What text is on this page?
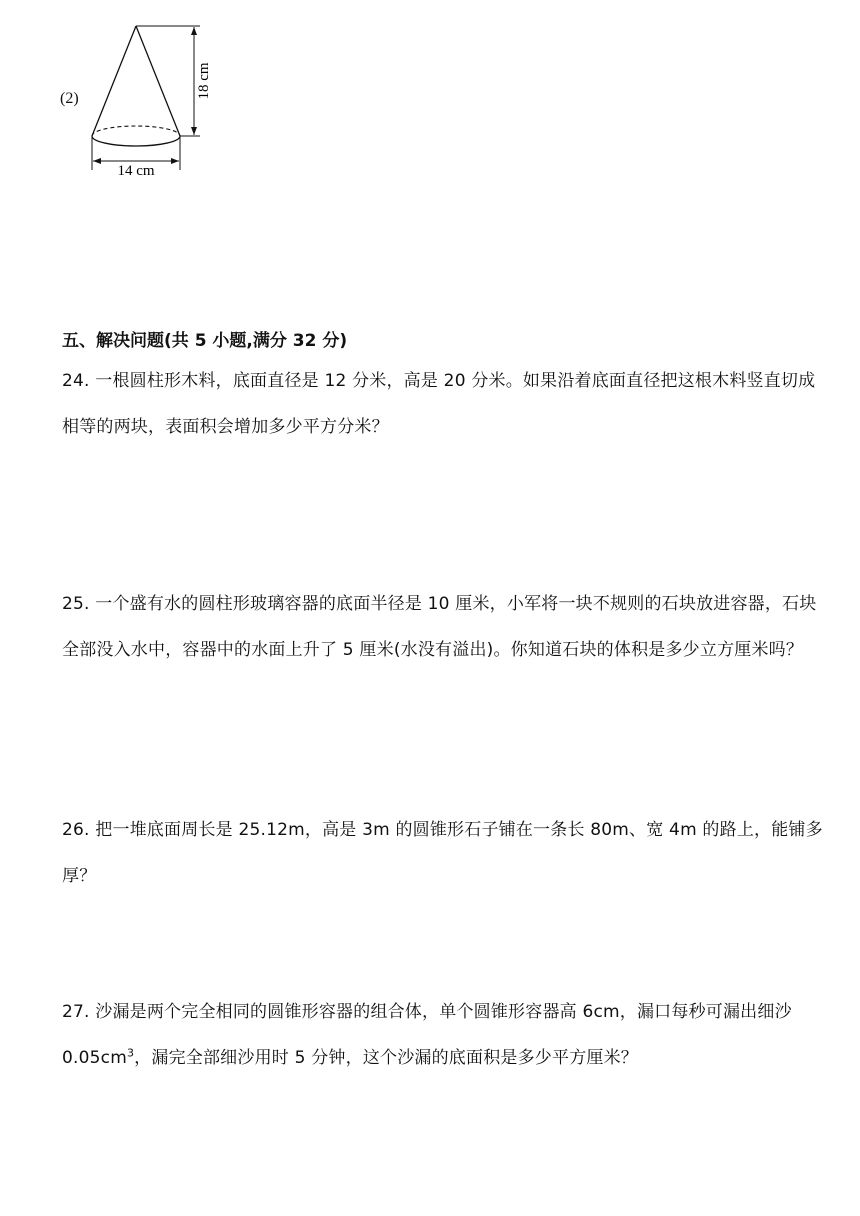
(2)	18 cm
14 cm
五、解决问题(共 5 小题,满分 32 分)
24. 一根圆柱形木料，底面直径是 12 分米，高是 20 分米。如果沿着底面直径把这根木料竖直切成相等的两块，表面积会增加多少平方分米？
25. 一个盛有水的圆柱形玻璃容器的底面半径是 10 厘米，小军将一块不规则的石块放进容器，石块全部没入水中，容器中的水面上升了 5 厘米(水没有溢出)。你知道石块的体积是多少立方厘米吗？
26. 把一堆底面周长是 25.12m，高是 3m 的圆锥形石子铺在一条长 80m、宽 4m 的路上，能铺多厚？
27. 沙漏是两个完全相同的圆锥形容器的组合体，单个圆锥形容器高 6cm，漏口每秒可漏出细沙 $0.05cm^3$，漏完全部细沙用时 5 分钟，这个沙漏的底面积是多少平方厘米？
